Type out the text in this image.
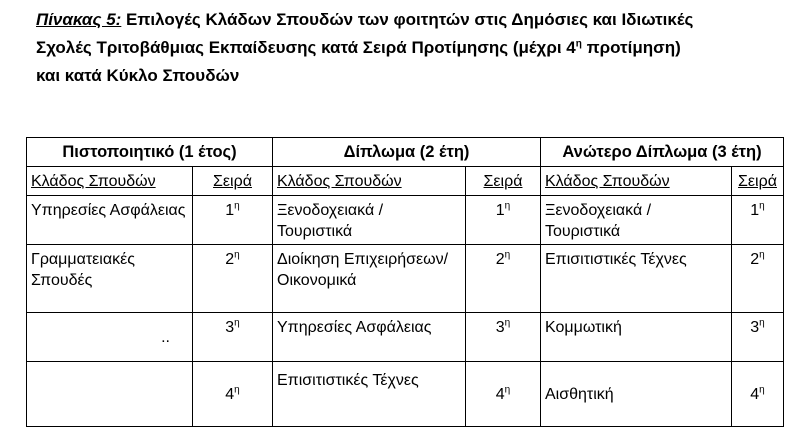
Πίνακας 5: Επιλογές Κλάδων Σπουδών των φοιτητών στις Δημόσιες και Ιδιωτικές
Σχολές Τριτοβάθμιας Εκπαίδευσης κατά Σειρά Προτίμησης (μέχρι $4^\eta$ προτίμηση)
και κατά Κύκλο Σπουδών
Πιστοποιητικό (1 έτος)		Δίπλωμα (2 έτη)		Ανώτερο Δίπλωμα (3 έτη)	
Κλάδος Σπουδών	Σειρά	Κλάδος Σπουδών	Σειρά	Κλάδος Σπουδών	Σειρά
Υπηρεσίες Ασφάλειας	$1^\eta$	Ξενοδοχειακά / Τουριστικά	$1^\eta$	Ξενοδοχειακά / Τουριστικά	$1^\eta$
Γραμματειακές Σπουδές	$2^\eta$	Διοίκηση Επιχειρήσεων/ Οικονομικά	$2^\eta$	Επισιτιστικές Τέχνες	$2^\eta$
..	$3^\eta$	Υπηρεσίες Ασφάλειας	$3^\eta$	Κομμωτική	$3^\eta$
	$4^\eta$	Επισιτιστικές Τέχνες	$4^\eta$	Αισθητική	$4^\eta$
